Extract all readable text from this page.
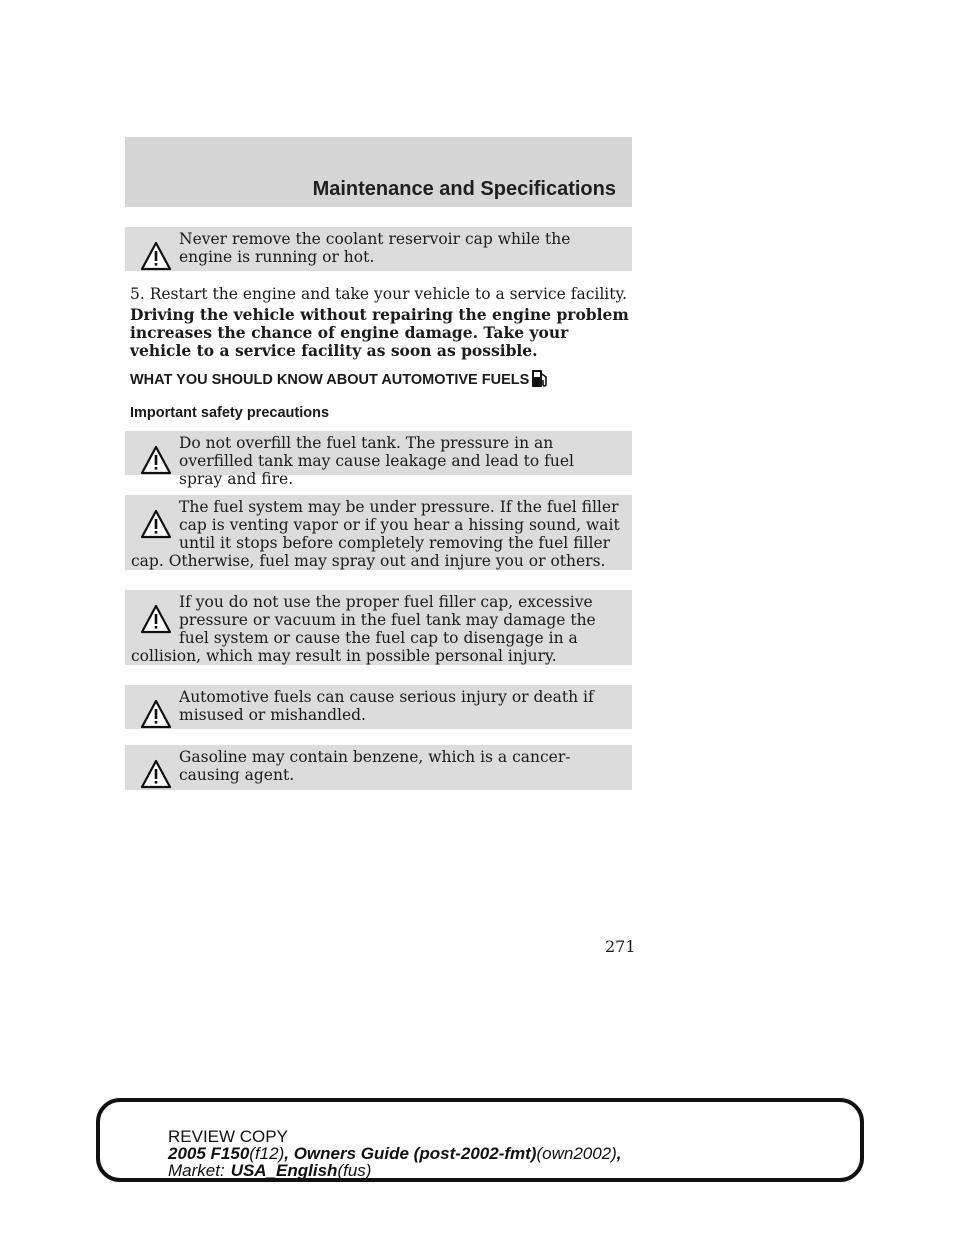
Maintenance and Specifications
Never remove the coolant reservoir cap while the engine is running or hot.
5. Restart the engine and take your vehicle to a service facility.
Driving the vehicle without repairing the engine problem increases the chance of engine damage. Take your vehicle to a service facility as soon as possible.
WHAT YOU SHOULD KNOW ABOUT AUTOMOTIVE FUELS
Important safety precautions
Do not overfill the fuel tank. The pressure in an overfilled tank may cause leakage and lead to fuel spray and fire.
The fuel system may be under pressure. If the fuel filler cap is venting vapor or if you hear a hissing sound, wait until it stops before completely removing the fuel filler cap. Otherwise, fuel may spray out and injure you or others.
If you do not use the proper fuel filler cap, excessive pressure or vacuum in the fuel tank may damage the fuel system or cause the fuel cap to disengage in a collision, which may result in possible personal injury.
Automotive fuels can cause serious injury or death if misused or mishandled.
Gasoline may contain benzene, which is a cancer-causing agent.
271
REVIEW COPY
2005 F150(f12), Owners Guide (post-2002-fmt)(own2002),
Market: USA_English(fus)
